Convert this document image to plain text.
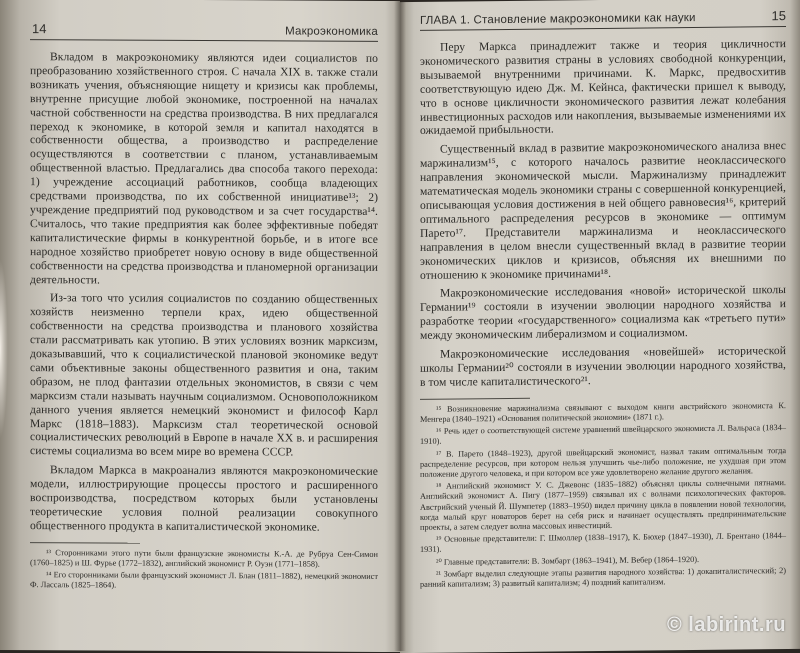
14	Макроэкономика

Вкладом в макроэкономику являются идеи социалистов по преобразованию хозяйственного строя. С начала XIX в. также стали возникать учения, объясняющие нищету и кризисы как проблемы, внутренне присущие любой экономике, построенной на началах частной собственности на средства производства. В них предлагался переход к экономике, в которой земля и капитал находятся в собственности общества, а производство и распределение осуществляются в соответствии с планом, устанавливаемым общественной властью. Предлагались два способа такого перехода: 1) учреждение ассоциаций работников, сообща владеющих средствами производства, по их собственной инициативе¹³; 2) учреждение предприятий под руководством и за счет государства¹⁴. Считалось, что такие предприятия как более эффективные победят капиталистические фирмы в конкурентной борьбе, и в итоге все народное хозяйство приобретет новую основу в виде общественной собственности на средства производства и планомерной организации деятельности.

Из-за того что усилия социалистов по созданию общественных хозяйств неизменно терпели крах, идею общественной собственности на средства производства и планового хозяйства стали рассматривать как утопию. В этих условиях возник марксизм, доказывавший, что к социалистической плановой экономике ведут сами объективные законы общественного развития и она, таким образом, не плод фантазии отдельных экономистов, в связи с чем марксизм стали называть научным социализмом. Основоположником данного учения является немецкий экономист и философ Карл Маркс (1818–1883). Марксизм стал теоретической основой социалистических революций в Европе в начале XX в. и расширения системы социализма во всем мире во времена СССР.

Вкладом Маркса в макроанализ являются макроэкономические модели, иллюстрирующие процессы простого и расширенного воспроизводства, посредством которых были установлены теоретические условия полной реализации совокупного общественного продукта в капиталистической экономике.

¹³ Сторонниками этого пути были французские экономисты К.-А. де Рубруа Сен-Симон (1760–1825) и Ш. Фурье (1772–1832), английский экономист Р. Оуэн (1771–1858).

¹⁴ Его сторонниками были французский экономист Л. Блан (1811–1882), немецкий экономист Ф. Лассаль (1825–1864).

ГЛАВА 1. Становление макроэкономики как науки	15

Перу Маркса принадлежит также и теория цикличности экономического развития страны в условиях свободной конкуренции, вызываемой внутренними причинами. К. Маркс, предвосхитив соответствующую идею Дж. М. Кейнса, фактически пришел к выводу, что в основе цикличности экономического развития лежат колебания инвестиционных расходов или накопления, вызываемые изменениями их ожидаемой прибыльности.

Существенный вклад в развитие макроэкономического анализа внес маржинализм¹⁵, с которого началось развитие неоклассического направления экономической мысли. Маржинализму принадлежит математическая модель экономики страны с совершенной конкуренцией, описывающая условия достижения в ней общего равновесия¹⁶, критерий оптимального распределения ресурсов в экономике — оптимум Парето¹⁷. Представители маржинализма и неоклассического направления в целом внесли существенный вклад в развитие теории экономических циклов и кризисов, объясняя их внешними по отношению к экономике причинами¹⁸.

Макроэкономические исследования «новой» исторической школы Германии¹⁹ состояли в изучении эволюции народного хозяйства и разработке теории «государственного» социализма как «третьего пути» между экономическим либерализмом и социализмом.

Макроэкономические исследования «новейшей» исторической школы Германии²⁰ состояли в изучении эволюции народного хозяйства, в том числе капиталистического²¹.

¹⁵ Возникновение маржинализма связывают с выходом книги австрийского экономиста К. Менгера (1840–1921) «Основания политической экономии» (1871 г.).

¹⁶ Речь идет о соответствующей системе уравнений швейцарского экономиста Л. Вальраса (1834–1910).

¹⁷ В. Парето (1848–1923), другой швейцарский экономист, назвал таким оптимальным тогда распределение ресурсов, при котором нельзя улучшить чье-либо положение, не ухудшая при этом положение другого человека, и при котором все уже удовлетворено желание другого желания.

¹⁸ Английский экономист У. С. Джевонс (1835–1882) объяснял циклы солнечными пятнами. Английский экономист А. Пигу (1877–1959) связывал их с волнами психологических факторов. Австрийский ученый Й. Шумпетер (1883–1950) видел причину цикла в появлении новой технологии, когда малый круг новаторов берет на себя риск и начинает осуществлять предпринимательские проекты, а затем следует волна массовых инвестиций.

¹⁹ Основные представители: Г. Шмоллер (1838–1917), К. Бюхер (1847–1930), Л. Брентано (1844–1931).

²⁰ Главные представители: В. Зомбарт (1863–1941), М. Вебер (1864–1920).

²¹ Зомбарт выделил следующие этапы развития народного хозяйства: 1) докапиталистический; 2) ранний капитализм; 3) развитый капитализм; 4) поздний капитализм.

© labirint.ru
